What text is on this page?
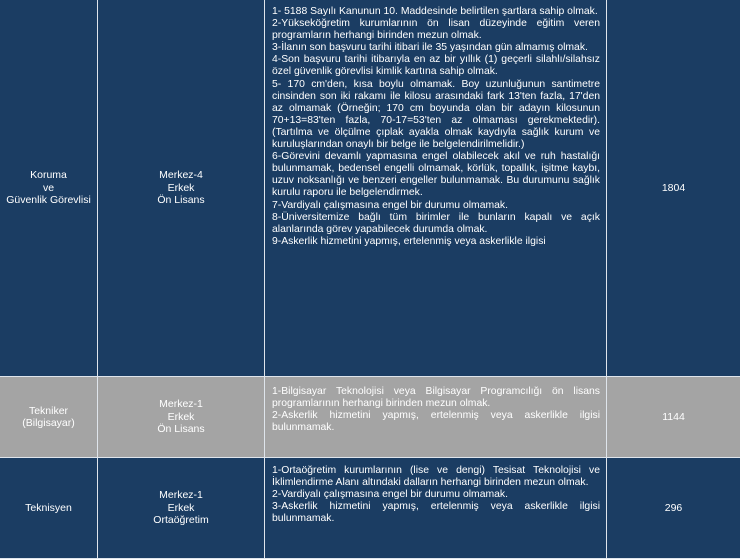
Koruma
ve
Güvenlik Görevlisi
Merkez-4
Erkek
Ön Lisans
1- 5188 Sayılı Kanunun 10. Maddesinde belirtilen şartlara sahip olmak.
2-Yükseköğretim kurumlarının ön lisan düzeyinde eğitim veren programların herhangi birinden mezun olmak.
3-İlanın son başvuru tarihi itibari ile 35 yaşından gün almamış olmak.
4-Son başvuru tarihi itibarıyla en az bir yıllık (1) geçerli silahlı/silahsız özel güvenlik görevlisi kimlik kartına sahip olmak.
5- 170 cm'den, kısa boylu olmamak. Boy uzunluğunun santimetre cinsinden son iki rakamı ile kilosu arasındaki fark 13'ten fazla, 17'den az olmamak (Örneğin; 170 cm boyunda olan bir adayın kilosunun 70+13=83'ten fazla, 70-17=53'ten az olmaması gerekmektedir). (Tartılma ve ölçülme çıplak ayakla olmak kaydıyla sağlık kurum ve kuruluşlarından onaylı bir belge ile belgelendirilmelidir.)
6-Görevini devamlı yapmasına engel olabilecek akıl ve ruh hastalığı bulunmamak, bedensel engelli olmamak, körlük, topallık, işitme kaybı, uzuv noksanlığı ve benzeri engeller bulunmamak. Bu durumunu sağlık kurulu raporu ile belgelendirmek.
7-Vardiyalı çalışmasına engel bir durumu olmamak.
8-Üniversitemize bağlı tüm birimler ile bunların kapalı ve açık alanlarında görev yapabilecek durumda olmak.
9-Askerlik hizmetini yapmış, ertelenmiş veya askerlikle ilgisi
1804
Tekniker
(Bilgisayar)
Merkez-1
Erkek
Ön Lisans
1-Bilgisayar Teknolojisi veya Bilgisayar Programcılığı ön lisans programlarının herhangi birinden mezun olmak.
2-Askerlik hizmetini yapmış, ertelenmiş veya askerlikle ilgisi bulunmamak.
1144
Teknisyen
Merkez-1
Erkek
Ortaöğretim
1-Ortaöğretim kurumlarının (lise ve dengi) Tesisat Teknolojisi ve İklimlendirme Alanı altındaki dalların herhangi birinden mezun olmak.
2-Vardiyalı çalışmasına engel bir durumu olmamak.
3-Askerlik hizmetini yapmış, ertelenmiş veya askerlikle ilgisi bulunmamak.
296
